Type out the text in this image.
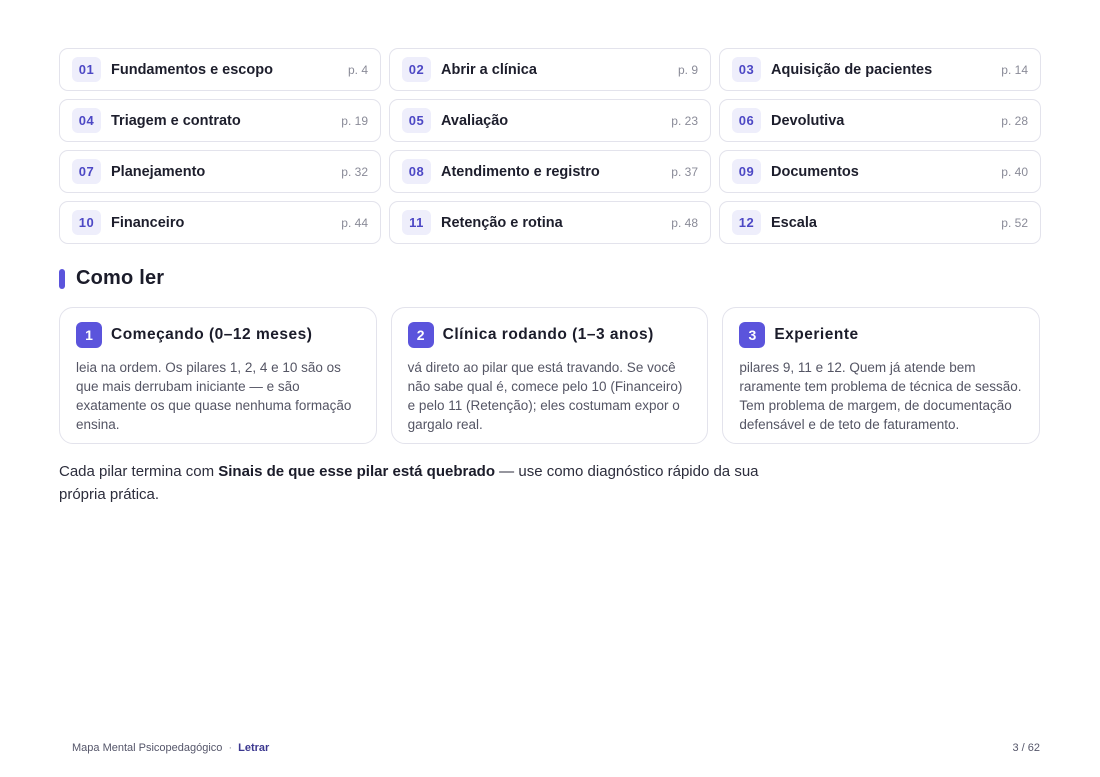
01	Fundamentos e escopo	p. 4	02	Abrir a clínica	p. 9	03	Aquisição de pacientes	p. 14
04	Triagem e contrato	p. 19	05	Avaliação	p. 23	06	Devolutiva	p. 28
07	Planejamento	p. 32	08	Atendimento e registro	p. 37	09	Documentos	p. 40
10	Financeiro	p. 44	11	Retenção e rotina	p. 48	12	Escala	p. 52
Como ler
1	Começando (0–12 meses)

leia na ordem. Os pilares 1, 2, 4 e 10 são os que mais derrubam iniciante — e são exatamente os que quase nenhuma formação ensina.

2	Clínica rodando (1–3 anos)

vá direto ao pilar que está travando. Se você não sabe qual é, comece pelo 10 (Financeiro) e pelo 11 (Retenção); eles costumam expor o gargalo real.

3	Experiente

pilares 9, 11 e 12. Quem já atende bem raramente tem problema de técnica de sessão. Tem problema de margem, de documentação defensável e de teto de faturamento.

Cada pilar termina com Sinais de que esse pilar está quebrado — use como diagnóstico rápido da sua própria prática.

Mapa Mental Psicopedagógico · Letrar	3 / 62
